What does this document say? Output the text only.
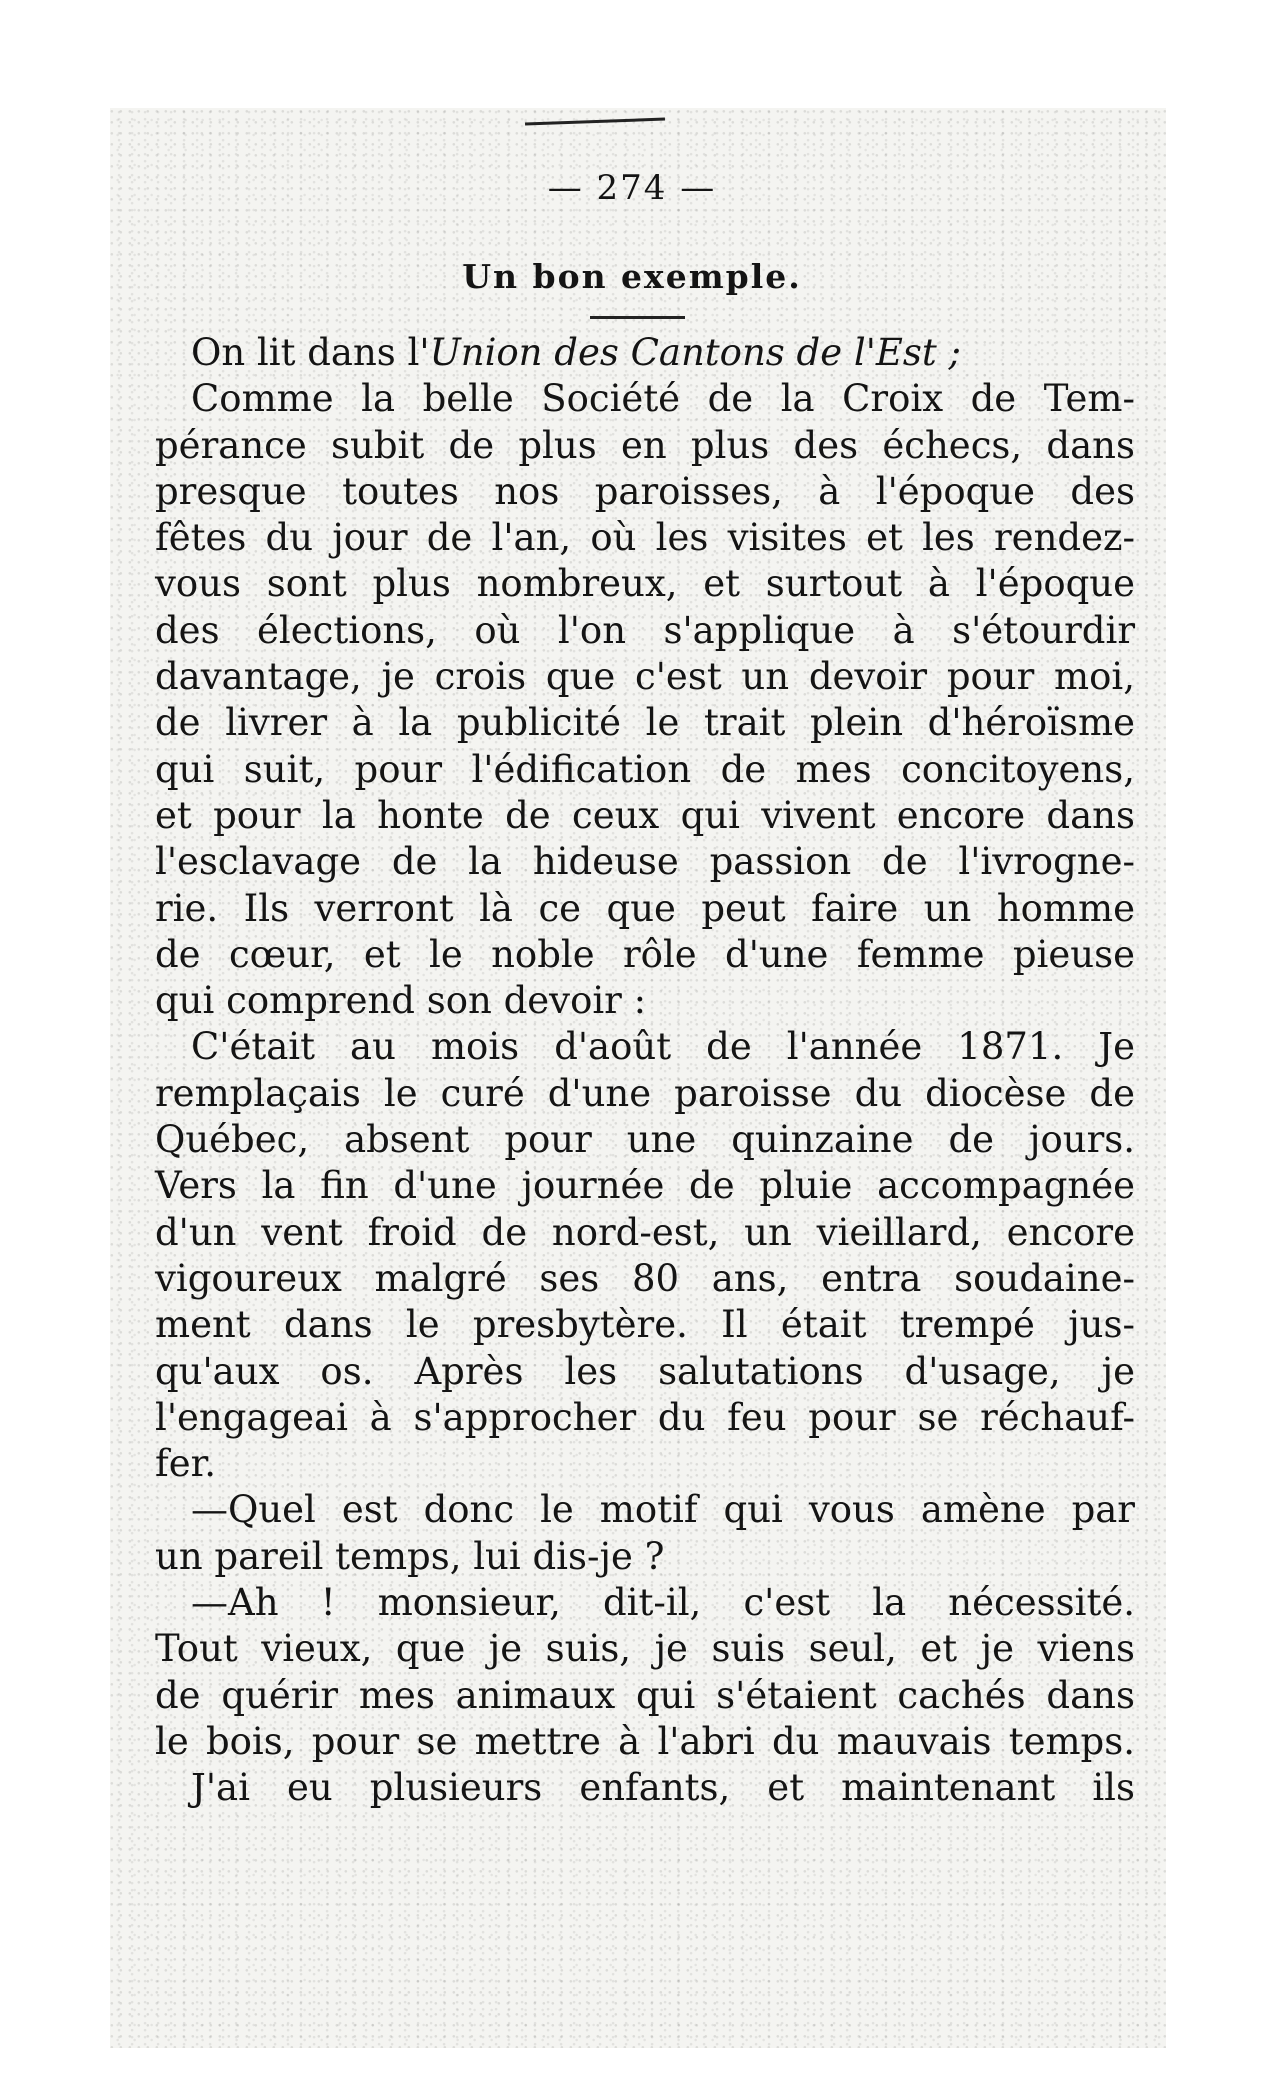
— 274 —
Un bon exemple.
On lit dans l'Union des Cantons de l'Est ;
Comme la belle Société de la Croix de Tem-
pérance subit de plus en plus des échecs, dans
presque toutes nos paroisses, à l'époque des
fêtes du jour de l'an, où les visites et les rendez-
vous sont plus nombreux, et surtout à l'époque
des élections, où l'on s'applique à s'étourdir
davantage, je crois que c'est un devoir pour moi,
de livrer à la publicité le trait plein d'héroïsme
qui suit, pour l'édification de mes concitoyens,
et pour la honte de ceux qui vivent encore dans
l'esclavage de la hideuse passion de l'ivrogne-
rie. Ils verront là ce que peut faire un homme
de cœur, et le noble rôle d'une femme pieuse
qui comprend son devoir :
C'était au mois d'août de l'année 1871. Je
remplaçais le curé d'une paroisse du diocèse de
Québec, absent pour une quinzaine de jours.
Vers la fin d'une journée de pluie accompagnée
d'un vent froid de nord-est, un vieillard, encore
vigoureux malgré ses 80 ans, entra soudaine-
ment dans le presbytère. Il était trempé jus-
qu'aux os. Après les salutations d'usage, je
l'engageai à s'approcher du feu pour se réchauf-
fer.
—Quel est donc le motif qui vous amène par
un pareil temps, lui dis-je ?
—Ah ! monsieur, dit-il, c'est la nécessité.
Tout vieux, que je suis, je suis seul, et je viens
de quérir mes animaux qui s'étaient cachés dans
le bois, pour se mettre à l'abri du mauvais temps.
J'ai eu plusieurs enfants, et maintenant ils
